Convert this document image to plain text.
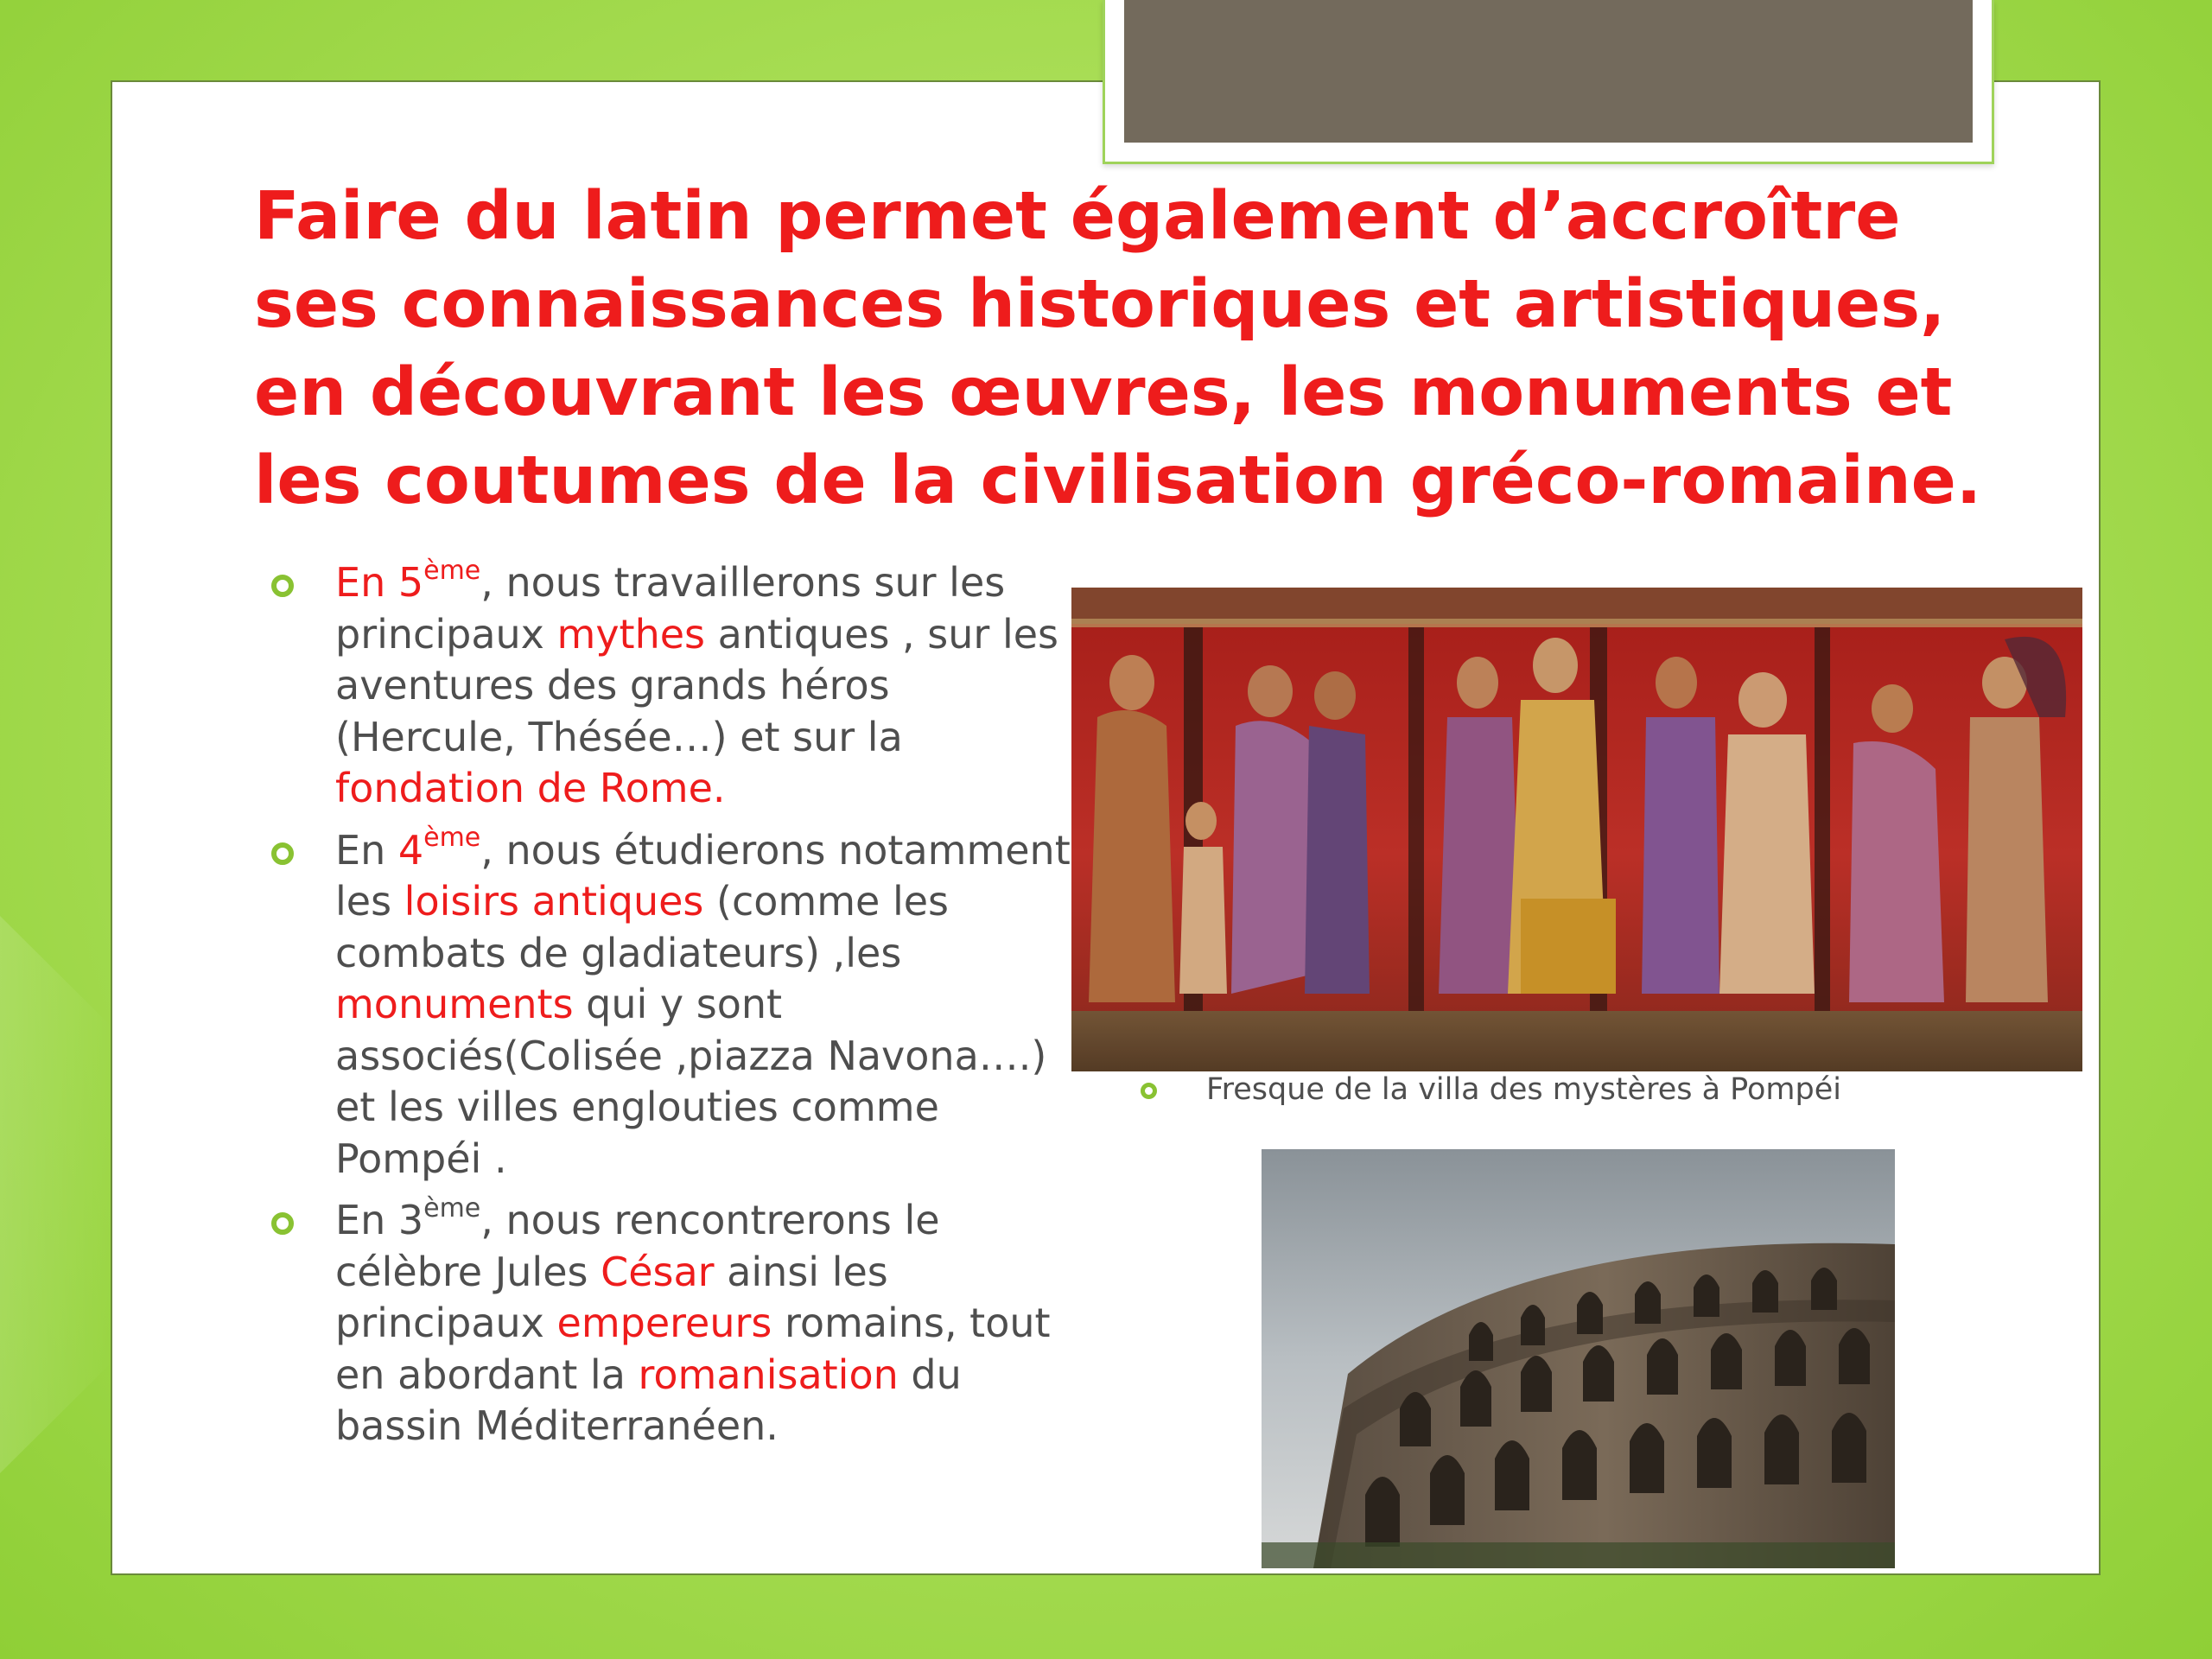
Faire du latin permet également d’accroître ses connaissances historiques et artistiques, en découvrant les œuvres, les monuments et les coutumes de la civilisation gréco-romaine.
En 5ème, nous travaillerons sur les principaux mythes antiques , sur les aventures des grands héros (Hercule, Thésée…) et sur la fondation de Rome.
En 4ème, nous étudierons notamment les loisirs antiques (comme les combats de gladiateurs) ,les monuments qui y sont associés(Colisée ,piazza Navona….) et les villes englouties comme Pompéi .
En 3ème, nous rencontrerons le célèbre Jules César ainsi les principaux empereurs romains, tout en abordant la romanisation du bassin Méditerranéen.
Fresque de la villa des mystères à Pompéi
